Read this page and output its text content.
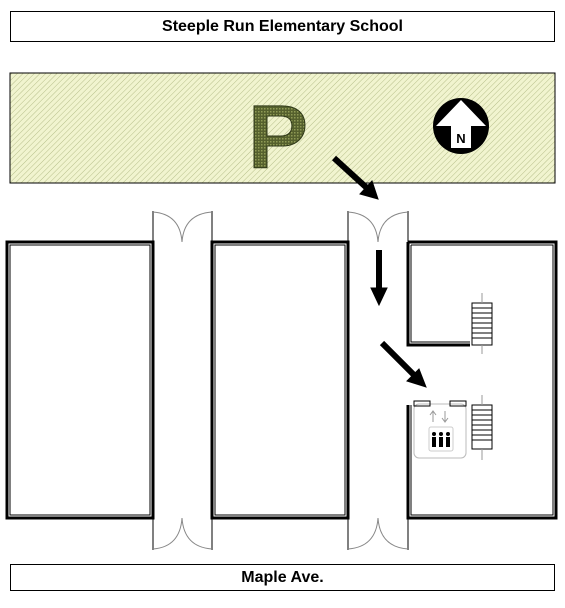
Steeple Run Elementary School
P	N
Maple Ave.
